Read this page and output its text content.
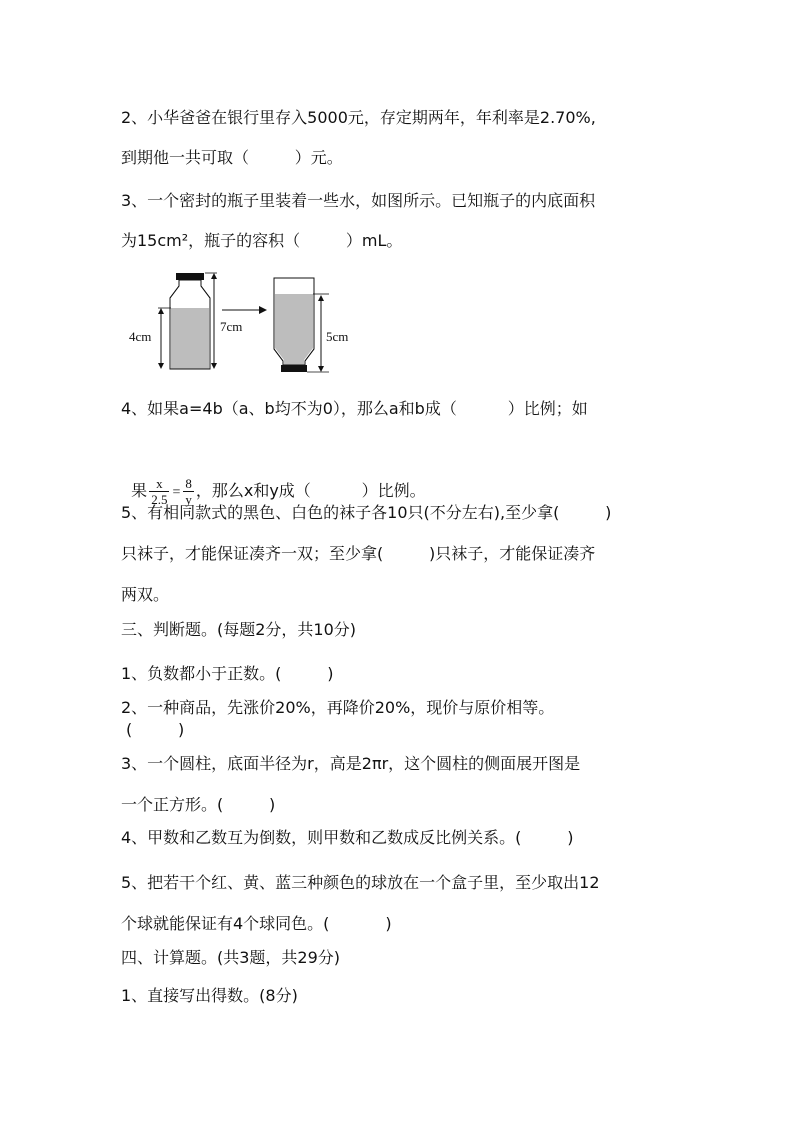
2、小华爸爸在银行里存入5000元，存定期两年，年利率是2.70%,
到期他一共可取（         ）元。
3、一个密封的瓶子里装着一些水，如图所示。已知瓶子的内底面积
为15cm²，瓶子的容积（         ）mL。
4cm
7cm
5cm
4、如果a=4b（a、b均不为0），那么a和b成（          ）比例；如

果 $\frac{x}{2.5} = \frac{8}{y}$ ，那么x和y成（          ）比例。

5、有相同款式的黑色、白色的袜子各10只(不分左右),至少拿(         )
只袜子，才能保证凑齐一双；至少拿(         )只袜子，才能保证凑齐
两双。
三、判断题。(每题2分，共10分)
1、负数都小于正数。(         )
2、一种商品，先涨价20%，再降价20%，现价与原价相等。
(         )
3、一个圆柱，底面半径为r，高是2πr，这个圆柱的侧面展开图是
一个正方形。(         )
4、甲数和乙数互为倒数，则甲数和乙数成反比例关系。(         )
5、把若干个红、黄、蓝三种颜色的球放在一个盒子里，至少取出12
个球就能保证有4个球同色。(           )
四、计算题。(共3题，共29分)
1、直接写出得数。(8分)
